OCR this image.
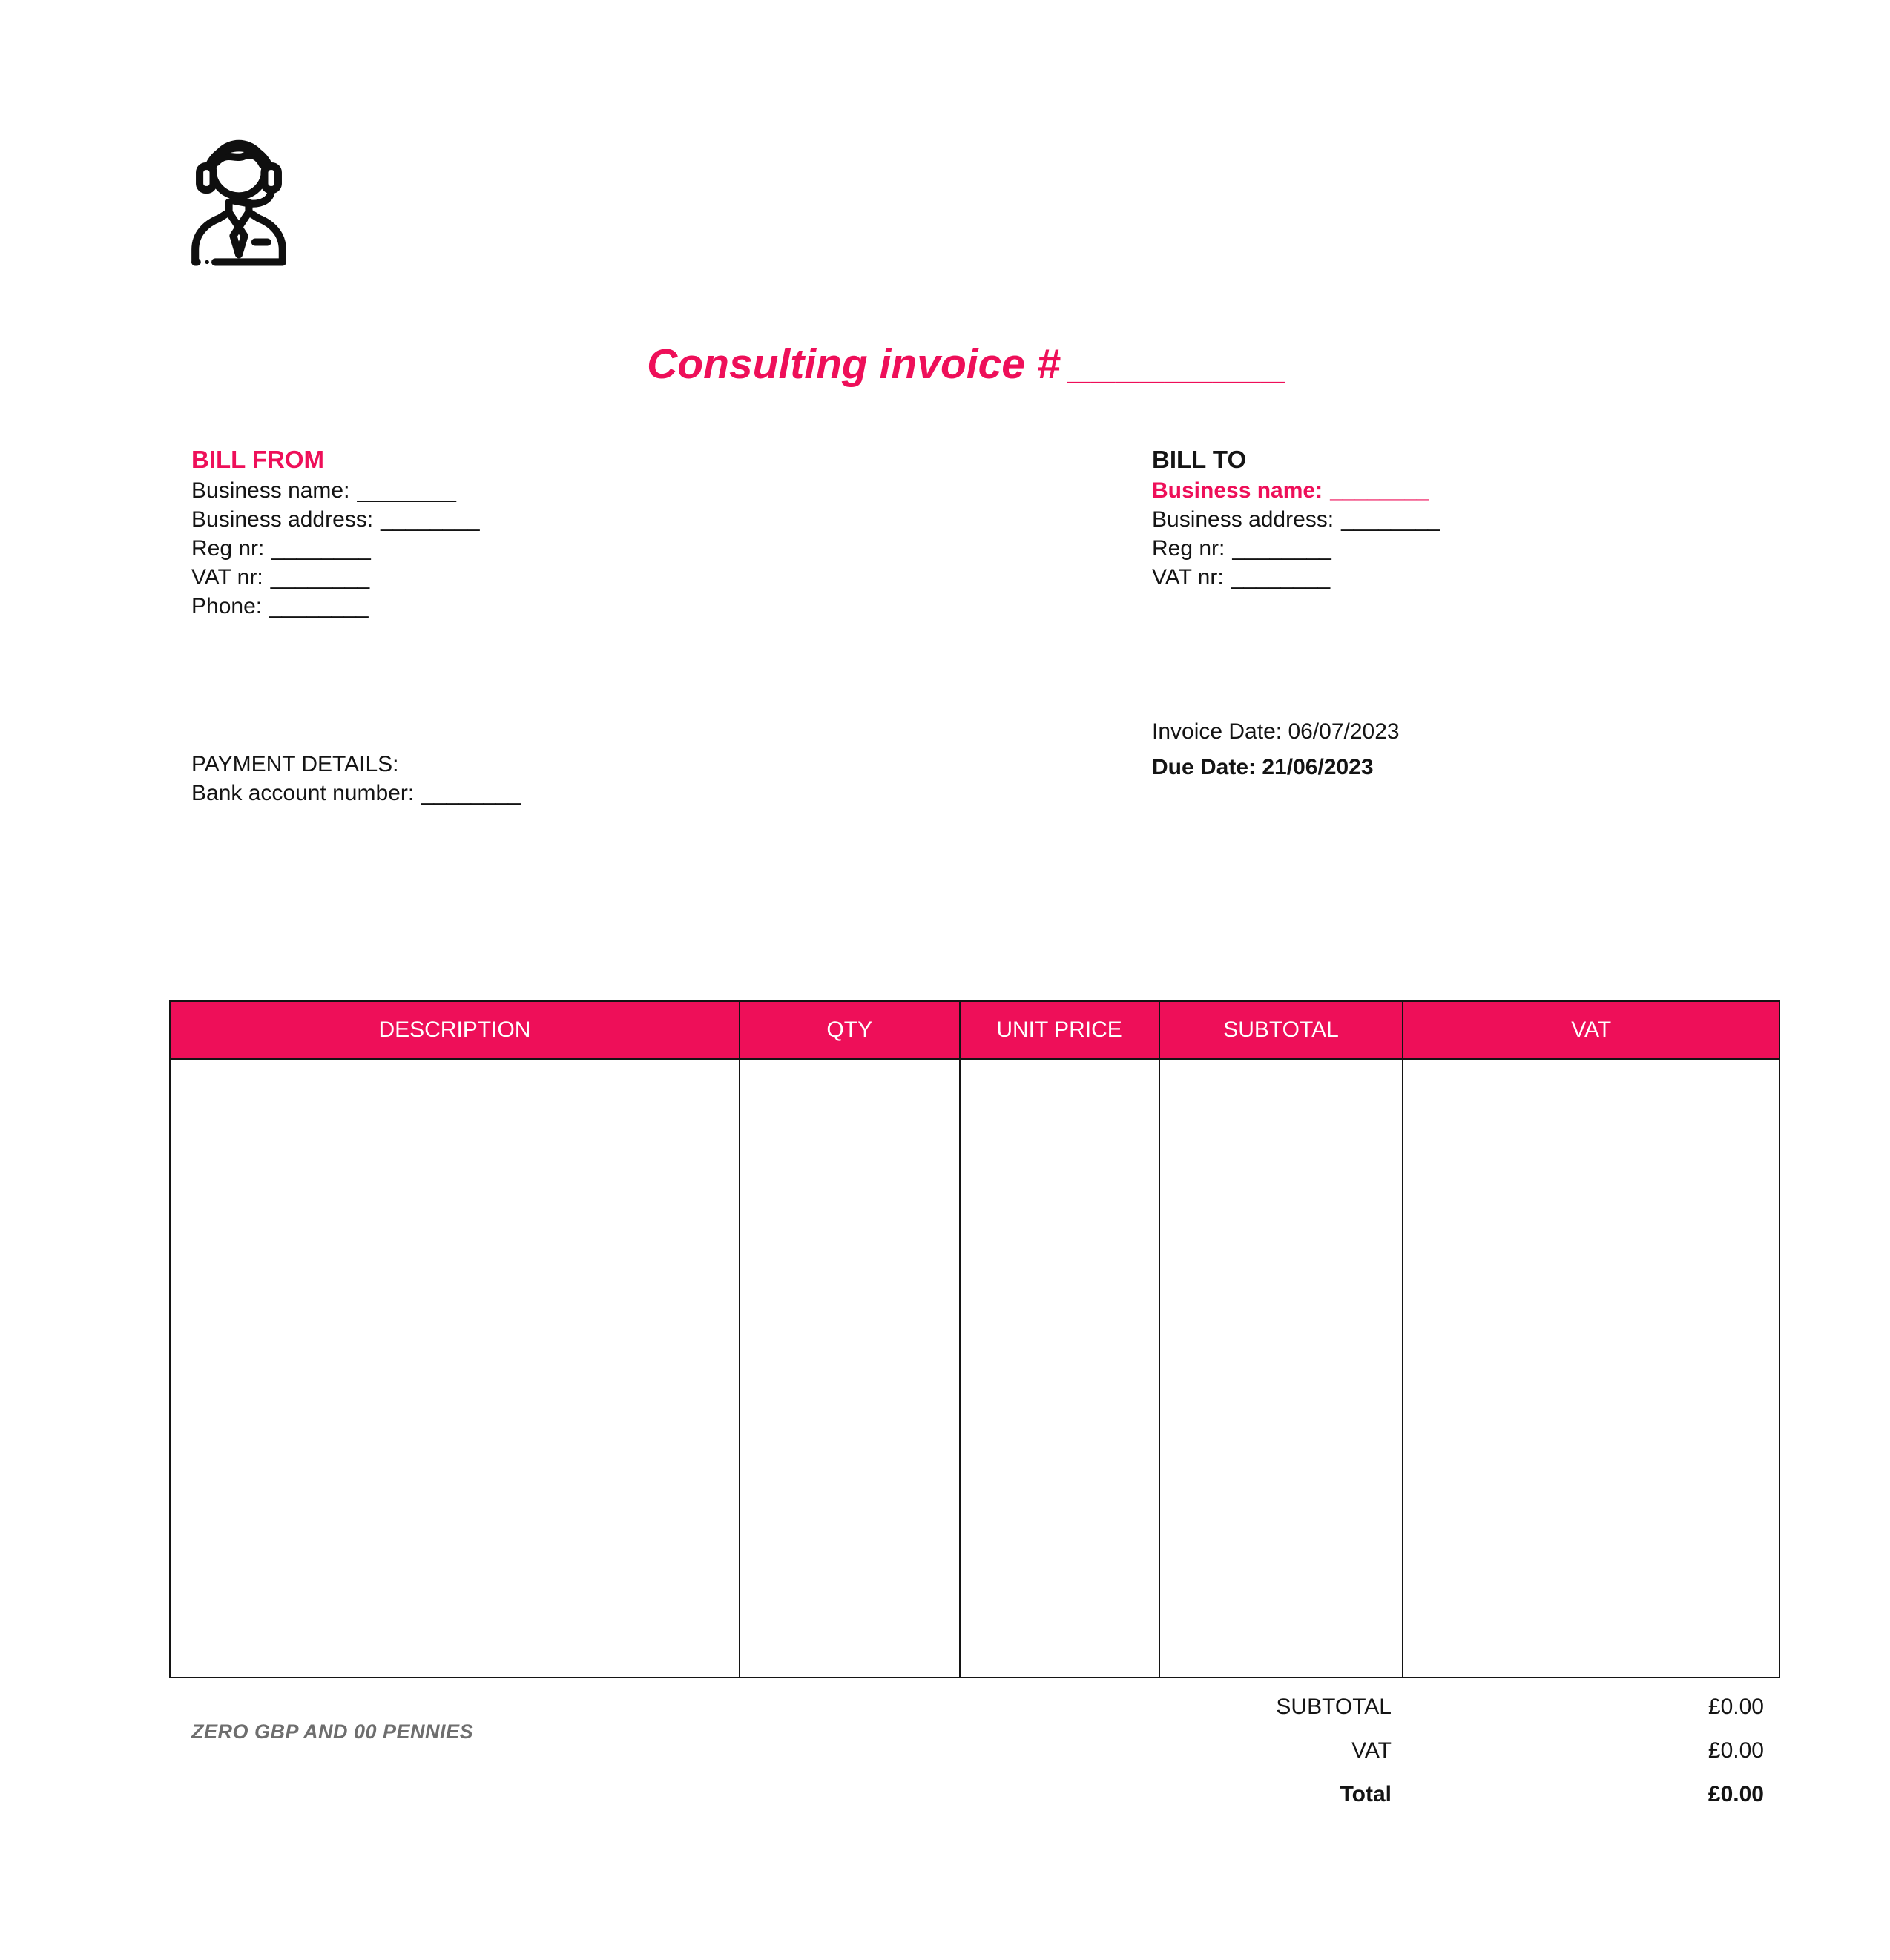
Consulting invoice # _________
BILL FROM
Business name: ________
Business address: ________
Reg nr: ________
VAT nr: ________
Phone: ________
BILL TO
Business name: ________
Business address: ________
Reg nr: ________
VAT nr: ________
Invoice Date: 06/07/2023
Due Date: 21/06/2023
PAYMENT DETAILS:
Bank account number: ________
DESCRIPTION	QTY	UNIT PRICE	SUBTOTAL	VAT
SUBTOTAL	£0.00
VAT	£0.00
Total	£0.00
ZERO GBP AND 00 PENNIES
